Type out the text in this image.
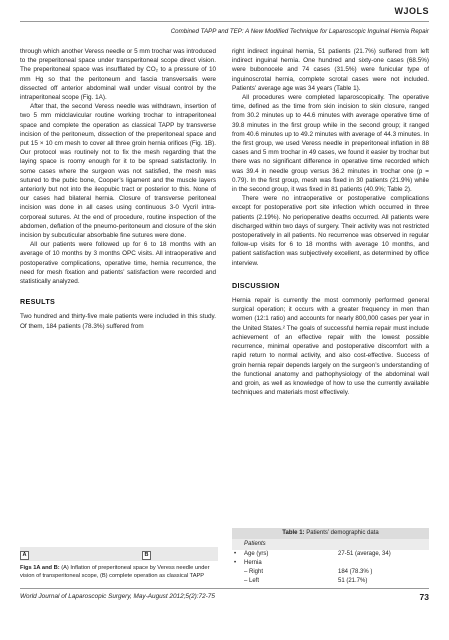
WJOLS
Combined TAPP and TEP: A New Modified Technique for Laparoscopic Inguinal Hernia Repair

through which another Veress needle or 5 mm trochar was introduced to the preperitoneal space under transperitoneal scope direct vision. The preperitoneal space was insufflated by CO₂ to a pressure of 10 mm Hg so that the peritoneum and fascia transversalis were dissected off anterior abdominal wall under visual control by the intraperitoneal scope (Fig. 1A).

After that, the second Veress needle was withdrawn, insertion of two 5 mm midclavicular routine working trochar to intraperitoneal space and complete the operation as classical TAPP by transverse incision of the peritoneum, dissection of the preperitoneal space and put 15 × 10 cm mesh to cover all three groin hernia orifices (Fig. 1B). Our protocol was routinely not to fix the mesh regarding that the laying space is roomy enough for it to be spread satisfactorily. In some cases where the surgeon was not satisfied, the mesh was sutured to the pubic bone, Cooper’s ligament and the muscle layers anteriorly but not into the ileopubic tract or posterior to this. None of our cases had bilateral hernia. Closure of transverse peritoneal incision was done in all cases using continuous 3-0 Vycril intra-corporeal sutures. At the end of procedure, routine inspection of the abdomen, deflation of the pneumo-peritoneum and closure of the skin incision by subcuticular absorbable fine sutures were done.

All our patients were followed up for 6 to 18 months with an average of 10 months by 3 months OPC visits. All intraoperative and postoperative complications, operative time, hernia recurrence, the need for mesh fixation and patients’ satisfaction were recorded and statistically analyzed.

RESULTS

Two hundred and thirty-five male patients were included in this study. Of them, 184 patients (78.3%) suffered from

right indirect inguinal hernia, 51 patients (21.7%) suffered from left indirect inguinal hernia. One hundred and sixty-one cases (68.5%) were bubonocele and 74 cases (31.5%) were funicular type of inguinoscrotal hernia, complete scrotal cases were not included. Patients’ average age was 34 years (Table 1).

All procedures were completed laparoscopically. The operative time, defined as the time from skin incision to skin closure, ranged from 30.2 minutes up to 44.6 minutes with average operative time of 39.8 minutes in the first group while in the second group; it ranged from 40.6 minutes up to 49.2 minutes with average of 44.3 minutes. In the first group, we used Veress needle in preperitoneal inflation in 88 cases and 5 mm trochar in 49 cases, we found it easier by trochar but there was no significant difference in operative time recorded which was 39.4 in needle group versus 36.2 minutes in trochar one (p = 0.79). In the first group, mesh was fixed in 30 patients (21.9%) while in the second group, it was fixed in 81 patients (40.9%; Table 2).

There were no intraoperative or postoperative complications except for postoperative port site infection which occurred in three patients (2.19%). No perioperative deaths occurred. All patients were discharged within two days of surgery. Their activity was not restricted postoperatively in all patients. No recurrence was observed in regular follow-up visits for 6 to 18 months with average 10 months, and patient satisfaction was subjectively excellent, as determined by office interview.

DISCUSSION

Hernia repair is currently the most commonly performed general surgical operation; it occurs with a greater frequency in men than women (12:1 ratio) and accounts for nearly 800,000 cases per year in the United States.² The goals of successful hernia repair must include achievement of an effective repair with the lowest possible recurrence, minimal operative and postoperative discomfort with a rapid return to normal activity, and also cost-effective. Success of groin hernia repair depends largely on the surgeon’s understanding of the functional anatomy and pathophysiology of the abdominal wall and groin, as well as knowledge of how to use the currently available techniques and materials most effectively.

A	B
Figs 1A and B: (A) Inflation of preperitoneal space by Veress needle under vision of transperitoneal scope, (B) complete operation as classical TAPP
Table 1: Patients’ demographic data
Patients
• Age (yrs)	27-51 (average, 34)
• Hernia
– Right	184 (78.3% )
– Left	51 (21.7%)
World Journal of Laparoscopic Surgery, May-August 2012;5(2):72-75	73
